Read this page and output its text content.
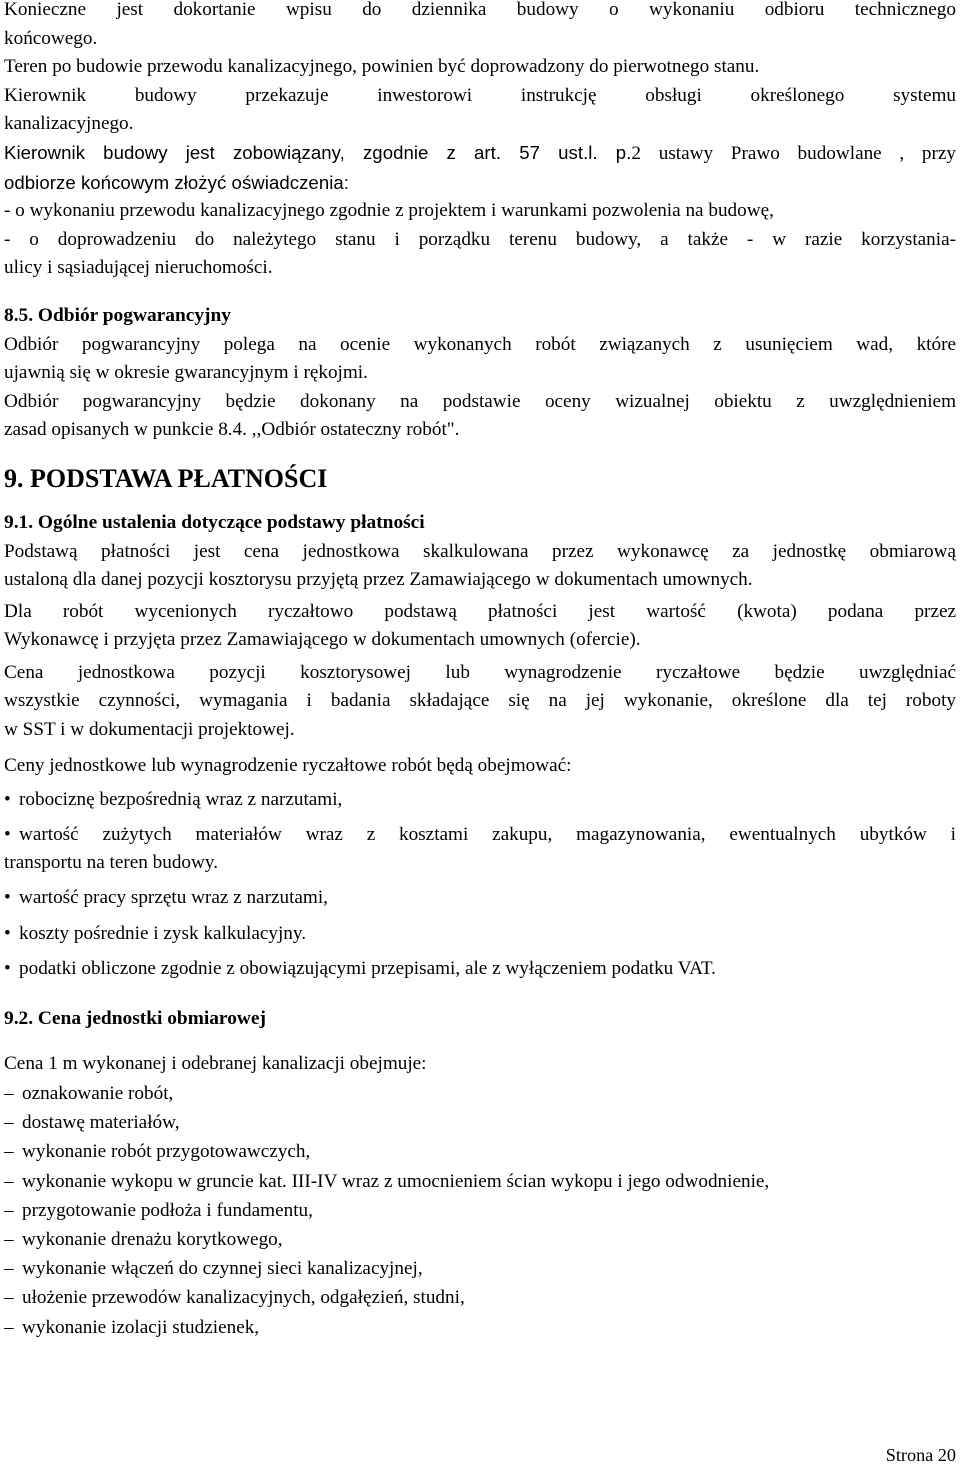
Konieczne jest dokortanie wpisu do dziennika budowy o wykonaniu odbioru technicznego
końcowego.
Teren po budowie przewodu kanalizacyjnego, powinien być doprowadzony do pierwotnego stanu.
Kierownik budowy przekazuje inwestorowi instrukcję obsługi określonego systemu
kanalizacyjnego.
Kierownik budowy jest zobowiązany, zgodnie z art. 57 ust.l. p.2 ustawy Prawo budowlane , przy
odbiorze końcowym złożyć oświadczenia:
- o wykonaniu przewodu kanalizacyjnego zgodnie z projektem i warunkami pozwolenia na budowę,
- o doprowadzeniu do należytego stanu i porządku terenu budowy, a także - w razie korzystania-
ulicy i sąsiadującej nieruchomości.
8.5. Odbiór pogwarancyjny
Odbiór pogwarancyjny polega na ocenie wykonanych robót związanych z usunięciem wad, które
ujawnią się w okresie gwarancyjnym i rękojmi.
Odbiór pogwarancyjny będzie dokonany na podstawie oceny wizualnej obiektu z uwzględnieniem
zasad opisanych w punkcie 8.4. ,,Odbiór ostateczny robót".
9. PODSTAWA PŁATNOŚCI
9.1. Ogólne ustalenia dotyczące podstawy płatności
Podstawą płatności jest cena jednostkowa skalkulowana przez wykonawcę za jednostkę obmiarową
ustaloną dla danej pozycji kosztorysu przyjętą przez Zamawiającego w dokumentach umownych.
Dla robót wycenionych ryczałtowo podstawą płatności jest wartość (kwota) podana przez
Wykonawcę i przyjęta przez Zamawiającego w dokumentach umownych (ofercie).
Cena jednostkowa pozycji kosztorysowej lub wynagrodzenie ryczałtowe będzie uwzględniać
wszystkie czynności, wymagania i badania składające się na jej wykonanie, określone dla tej roboty
w SST i w dokumentacji projektowej.
Ceny jednostkowe lub wynagrodzenie ryczałtowe robót będą obejmować:
• robociznę bezpośrednią wraz z narzutami,
• wartość zużytych materiałów wraz z kosztami zakupu, magazynowania, ewentualnych ubytków i
transportu na teren budowy.
• wartość pracy sprzętu wraz z narzutami,
• koszty pośrednie i zysk kalkulacyjny.
• podatki obliczone zgodnie z obowiązującymi przepisami, ale z wyłączeniem podatku VAT.
9.2. Cena jednostki obmiarowej
Cena 1 m wykonanej i odebranej kanalizacji obejmuje:
– oznakowanie robót,
– dostawę materiałów,
– wykonanie robót przygotowawczych,
– wykonanie wykopu w gruncie kat. III-IV wraz z umocnieniem ścian wykopu i jego odwodnienie,
– przygotowanie podłoża i fundamentu,
– wykonanie drenażu korytkowego,
– wykonanie włączeń do czynnej sieci kanalizacyjnej,
– ułożenie przewodów kanalizacyjnych, odgałęzień, studni,
– wykonanie izolacji studzienek,
Strona 20
